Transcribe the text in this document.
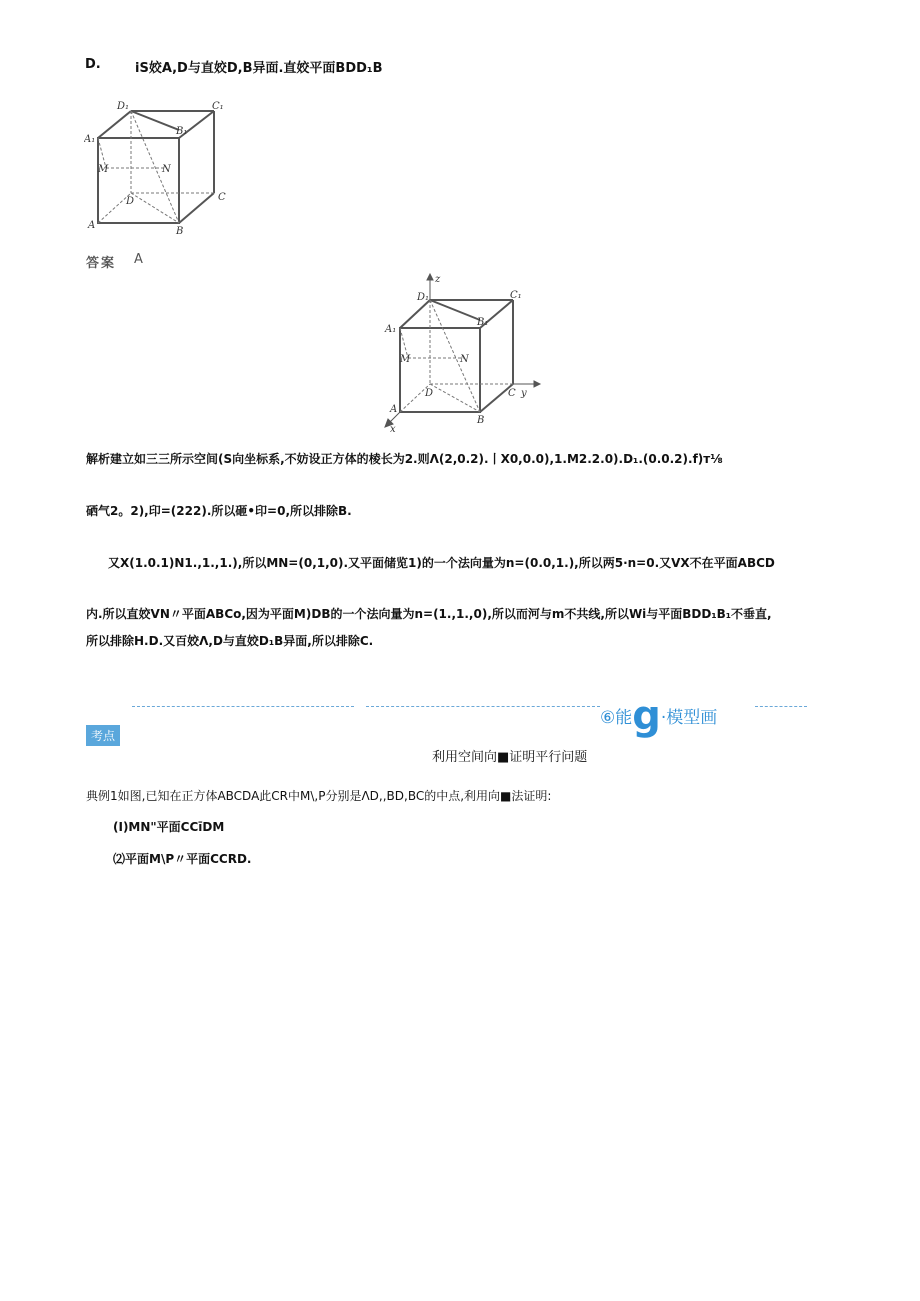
D.	iS姣A,D与直姣D,B异面.直姣平面BDD₁B
D₁	C₁
A₁
B₁
M	N
D	C
A
B
答案 A
z
D₁	C₁
A₁
B₁
M	N
D	C y
A
B
x
解析建立如三三所示空间(S向坐标系,不妨设正方体的棱长为2.则Λ(2,0.2).丨X0,0.0),1.M2.2.0).D₁.(0.0.2).f)т⅛
硒气2。2),印=(222).所以砸•印=0,所以排除B.
又X(1.0.1)N1.,1.,1.),所以MN=(0,1,0).又平面储览1)的一个法向量为n=(0.0,1.),所以两5·n=0.又VX不在平面ABCD
内.所以直姣VN〃平面ABCo,因为平面M)DB的一个法向量为n=(1.,1.,0),所以而河与m不共线,所以Wi与平面BDD₁B₁不垂直,
所以排除H.D.又百姣Λ,D与直姣D₁B异面,所以排除C.
⑥能g·模型画
考点
利用空间向■证明平行问题
典例1如图,已知在正方体ABCDA此CR中M\,P分别是ΛD,,BD,BC的中点,利用向■法证明:
(I)MN"平面CCīDM
⑵平面M\P〃平面CCRD.
